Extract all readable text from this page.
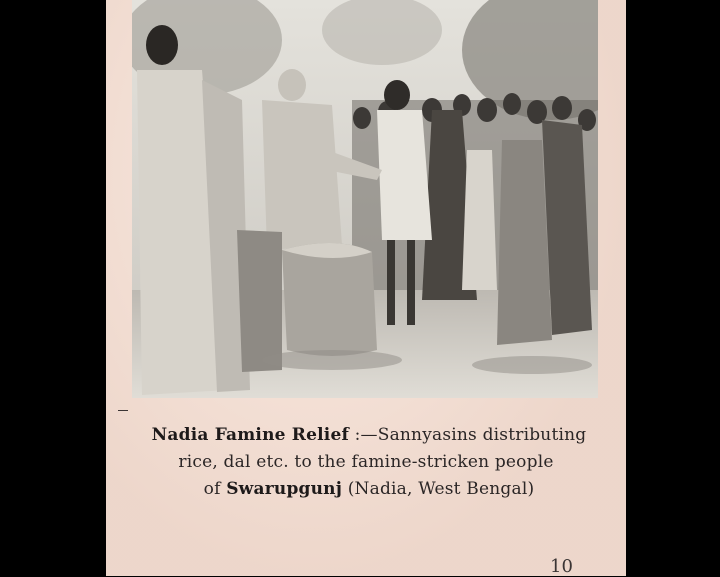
Nadia Famine Relief :—Sannyasins distributing
rice, dal etc. to the famine-stricken people
of Swarupgunj (Nadia, West Bengal)
10
